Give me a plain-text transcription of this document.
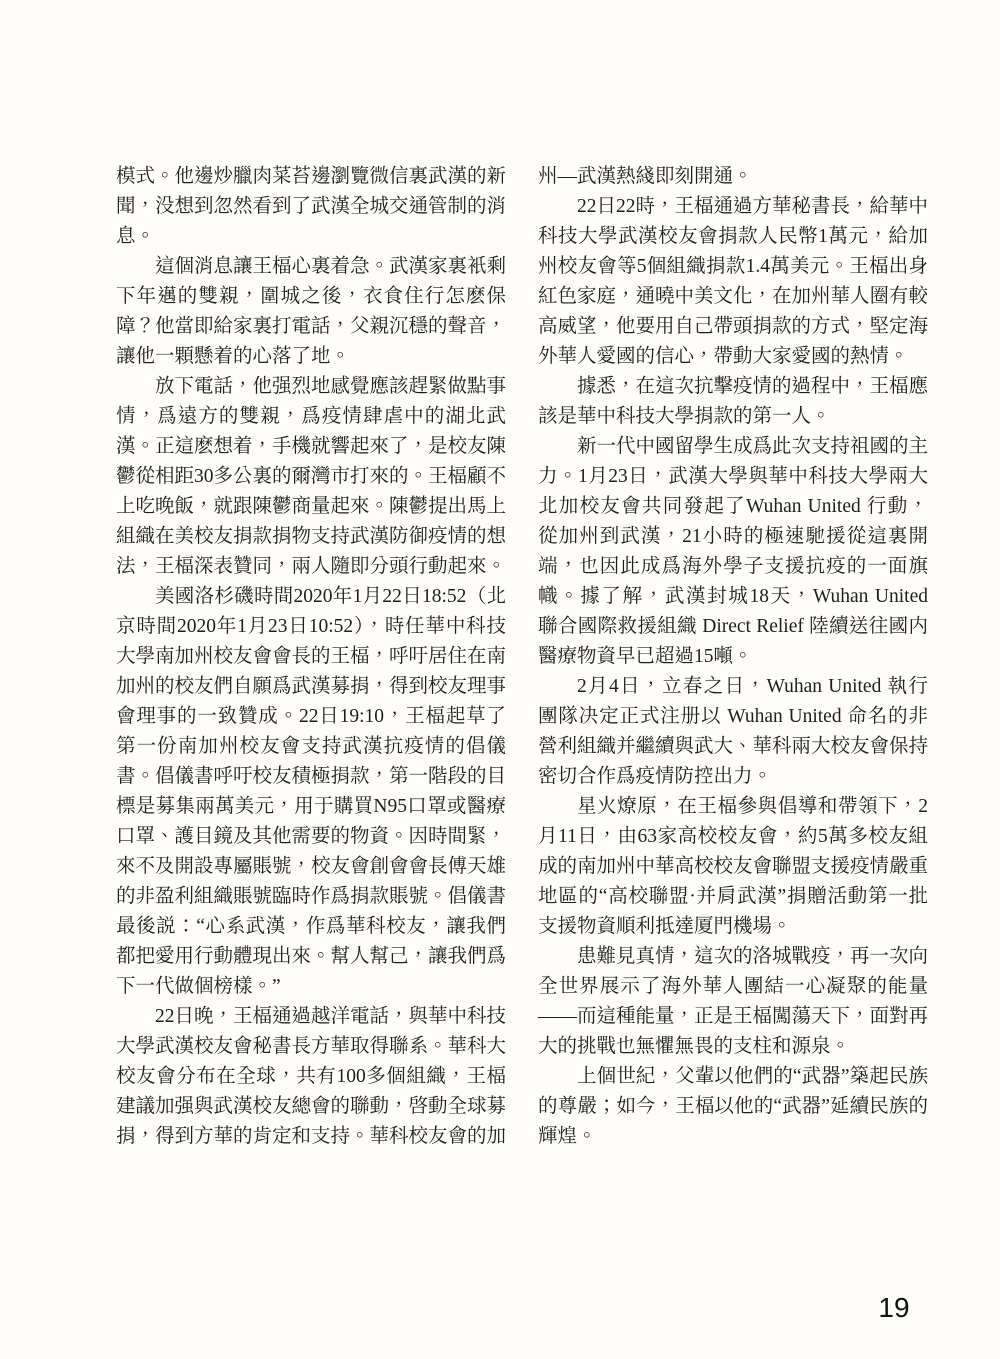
模式。他邊炒臘肉菜苔邊瀏覽微信裏武漢的新聞，没想到忽然看到了武漢全城交通管制的消息。

這個消息讓王楅心裏着急。武漢家裏衹剩下年邁的雙親，圍城之後，衣食住行怎麽保障？他當即給家裏打電話，父親沉穩的聲音，讓他一顆懸着的心落了地。

放下電話，他强烈地感覺應該趕緊做點事情，爲遠方的雙親，爲疫情肆虐中的湖北武漢。正這麽想着，手機就響起來了，是校友陳鬱從相距30多公裏的爾灣市打來的。王楅顧不上吃晚飯，就跟陳鬱商量起來。陳鬱提出馬上組織在美校友捐款捐物支持武漢防御疫情的想法，王楅深表贊同，兩人隨即分頭行動起來。

美國洛杉磯時間2020年1月22日18:52（北京時間2020年1月23日10:52），時任華中科技大學南加州校友會會長的王楅，呼吁居住在南加州的校友們自願爲武漢募捐，得到校友理事會理事的一致贊成。22日19:10，王楅起草了第一份南加州校友會支持武漢抗疫情的倡儀書。倡儀書呼吁校友積極捐款，第一階段的目標是募集兩萬美元，用于購買N95口罩或醫療口罩、護目鏡及其他需要的物資。因時間緊，來不及開設專屬賬號，校友會創會會長傅天雄的非盈利組織賬號臨時作爲捐款賬號。倡儀書最後説：“心系武漢，作爲華科校友，讓我們都把愛用行動體現出來。幫人幫己，讓我們爲下一代做個榜樣。”

22日晚，王楅通過越洋電話，與華中科技大學武漢校友會秘書長方華取得聯系。華科大校友會分布在全球，共有100多個組織，王楅建議加强與武漢校友總會的聯動，啓動全球募捐，得到方華的肯定和支持。華科校友會的加

州—武漢熱綫即刻開通。

22日22時，王楅通過方華秘書長，給華中科技大學武漢校友會捐款人民幣1萬元，給加州校友會等5個組織捐款1.4萬美元。王楅出身紅色家庭，通曉中美文化，在加州華人圈有較高威望，他要用自己帶頭捐款的方式，堅定海外華人愛國的信心，帶動大家愛國的熱情。

據悉，在這次抗擊疫情的過程中，王楅應該是華中科技大學捐款的第一人。

新一代中國留學生成爲此次支持祖國的主力。1月23日，武漢大學與華中科技大學兩大北加校友會共同發起了Wuhan United 行動，從加州到武漢，21小時的極速馳援從這裏開端，也因此成爲海外學子支援抗疫的一面旗幟。據了解，武漢封城18天，Wuhan United 聯合國際救援組織 Direct Relief 陸續送往國内醫療物資早已超過15噸。

2月4日，立春之日，Wuhan United 執行團隊决定正式注册以 Wuhan United 命名的非營利組織并繼續與武大、華科兩大校友會保持密切合作爲疫情防控出力。

星火燎原，在王楅參與倡導和帶領下，2月11日，由63家高校校友會，約5萬多校友組成的南加州中華高校校友會聯盟支援疫情嚴重地區的“高校聯盟·并肩武漢”捐贈活動第一批支援物資順利抵達厦門機場。

患難見真情，這次的洛城戰疫，再一次向全世界展示了海外華人團結一心凝聚的能量——而這種能量，正是王楅闖蕩天下，面對再大的挑戰也無懼無畏的支柱和源泉。

上個世紀，父輩以他們的“武器”築起民族的尊嚴；如今，王楅以他的“武器”延續民族的輝煌。

19
